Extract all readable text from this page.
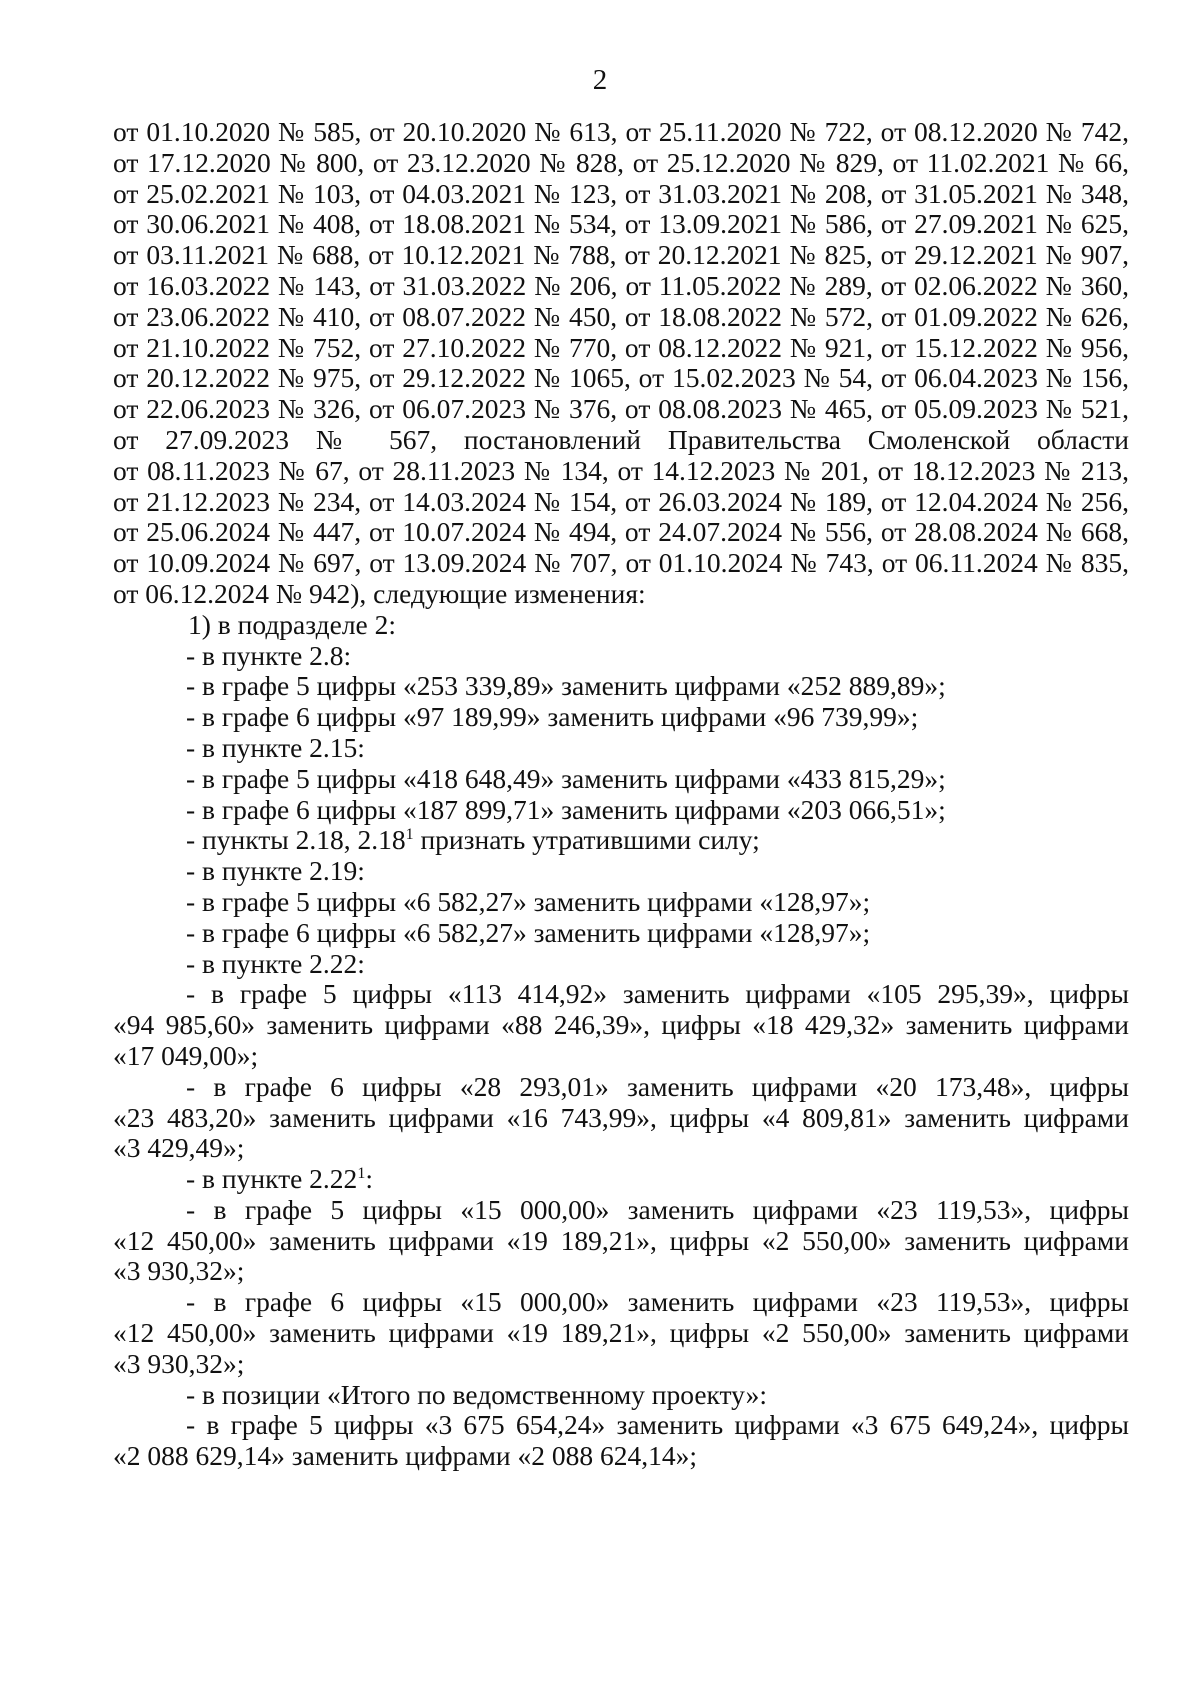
2
от 01.10.2020 № 585, от 20.10.2020 № 613, от 25.11.2020 № 722, от 08.12.2020 № 742,
от 17.12.2020 № 800, от 23.12.2020 № 828, от 25.12.2020 № 829, от 11.02.2021 № 66,
от 25.02.2021 № 103, от 04.03.2021 № 123, от 31.03.2021 № 208, от 31.05.2021 № 348,
от 30.06.2021 № 408, от 18.08.2021 № 534, от 13.09.2021 № 586, от 27.09.2021 № 625,
от 03.11.2021 № 688, от 10.12.2021 № 788, от 20.12.2021 № 825, от 29.12.2021 № 907,
от 16.03.2022 № 143, от 31.03.2022 № 206, от 11.05.2022 № 289, от 02.06.2022 № 360,
от 23.06.2022 № 410, от 08.07.2022 № 450, от 18.08.2022 № 572, от 01.09.2022 № 626,
от 21.10.2022 № 752, от 27.10.2022 № 770, от 08.12.2022 № 921, от 15.12.2022 № 956,
от 20.12.2022 № 975, от 29.12.2022 № 1065, от 15.02.2023 № 54, от 06.04.2023 № 156,
от 22.06.2023 № 326, от 06.07.2023 № 376, от 08.08.2023 № 465, от 05.09.2023 № 521,
от 27.09.2023 № 567, постановлений Правительства Смоленской области
от 08.11.2023 № 67, от 28.11.2023 № 134, от 14.12.2023 № 201, от 18.12.2023 № 213,
от 21.12.2023 № 234, от 14.03.2024 № 154, от 26.03.2024 № 189, от 12.04.2024 № 256,
от 25.06.2024 № 447, от 10.07.2024 № 494, от 24.07.2024 № 556, от 28.08.2024 № 668,
от 10.09.2024 № 697, от 13.09.2024 № 707, от 01.10.2024 № 743, от 06.11.2024 № 835,
от 06.12.2024 № 942), следующие изменения:
1) в подразделе 2:
- в пункте 2.8:
- в графе 5 цифры «253 339,89» заменить цифрами «252 889,89»;
- в графе 6 цифры «97 189,99» заменить цифрами «96 739,99»;
- в пункте 2.15:
- в графе 5 цифры «418 648,49» заменить цифрами «433 815,29»;
- в графе 6 цифры «187 899,71» заменить цифрами «203 066,51»;
- пункты 2.18, 2.18$^1$ признать утратившими силу;
- в пункте 2.19:
- в графе 5 цифры «6 582,27» заменить цифрами «128,97»;
- в графе 6 цифры «6 582,27» заменить цифрами «128,97»;
- в пункте 2.22:
- в графе 5 цифры «113 414,92» заменить цифрами «105 295,39», цифры
«94 985,60» заменить цифрами «88 246,39», цифры «18 429,32» заменить цифрами
«17 049,00»;
- в графе 6 цифры «28 293,01» заменить цифрами «20 173,48», цифры
«23 483,20» заменить цифрами «16 743,99», цифры «4 809,81» заменить цифрами
«3 429,49»;
- в пункте 2.22$^1$:
- в графе 5 цифры «15 000,00» заменить цифрами «23 119,53», цифры
«12 450,00» заменить цифрами «19 189,21», цифры «2 550,00» заменить цифрами
«3 930,32»;
- в графе 6 цифры «15 000,00» заменить цифрами «23 119,53», цифры
«12 450,00» заменить цифрами «19 189,21», цифры «2 550,00» заменить цифрами
«3 930,32»;
- в позиции «Итого по ведомственному проекту»:
- в графе 5 цифры «3 675 654,24» заменить цифрами «3 675 649,24», цифры
«2 088 629,14» заменить цифрами «2 088 624,14»;
